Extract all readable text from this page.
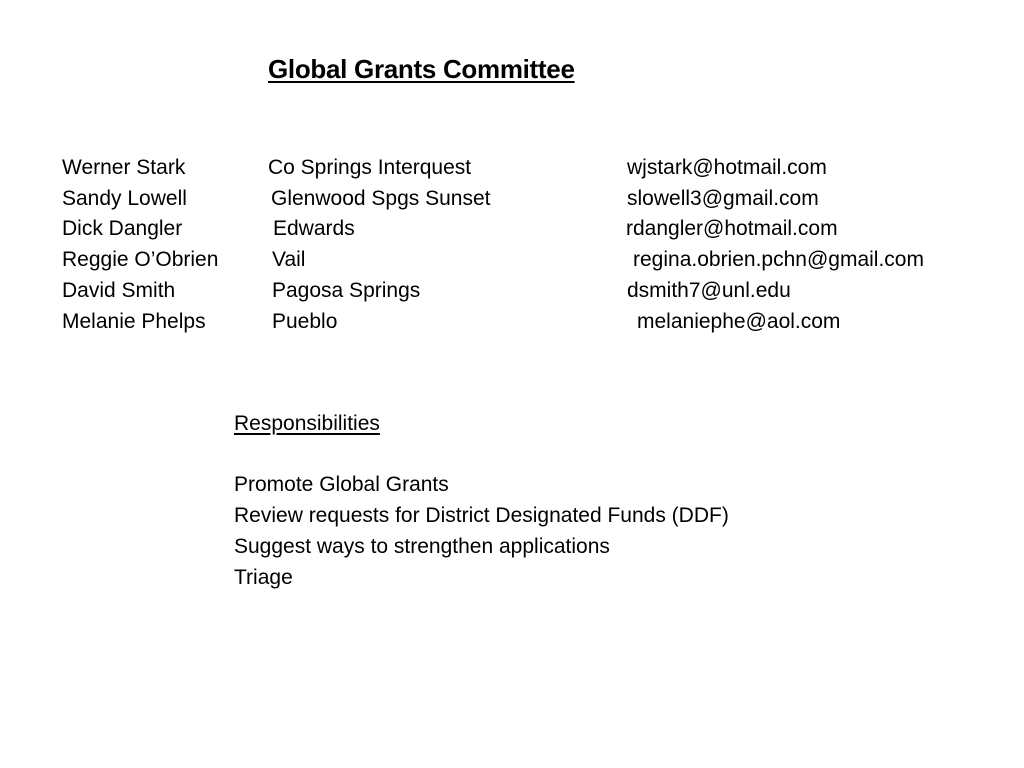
Global Grants Committee
Werner Stark	Co Springs Interquest	wjstark@hotmail.com
Sandy Lowell	Glenwood Spgs Sunset	slowell3@gmail.com
Dick Dangler	Edwards	rdangler@hotmail.com
Reggie O’Obrien	Vail	regina.obrien.pchn@gmail.com
David Smith	Pagosa Springs	dsmith7@unl.edu
Melanie Phelps	Pueblo	melaniephe@aol.com
Responsibilities
Promote Global Grants
Review requests for District Designated Funds (DDF)
Suggest ways to strengthen applications
Triage
